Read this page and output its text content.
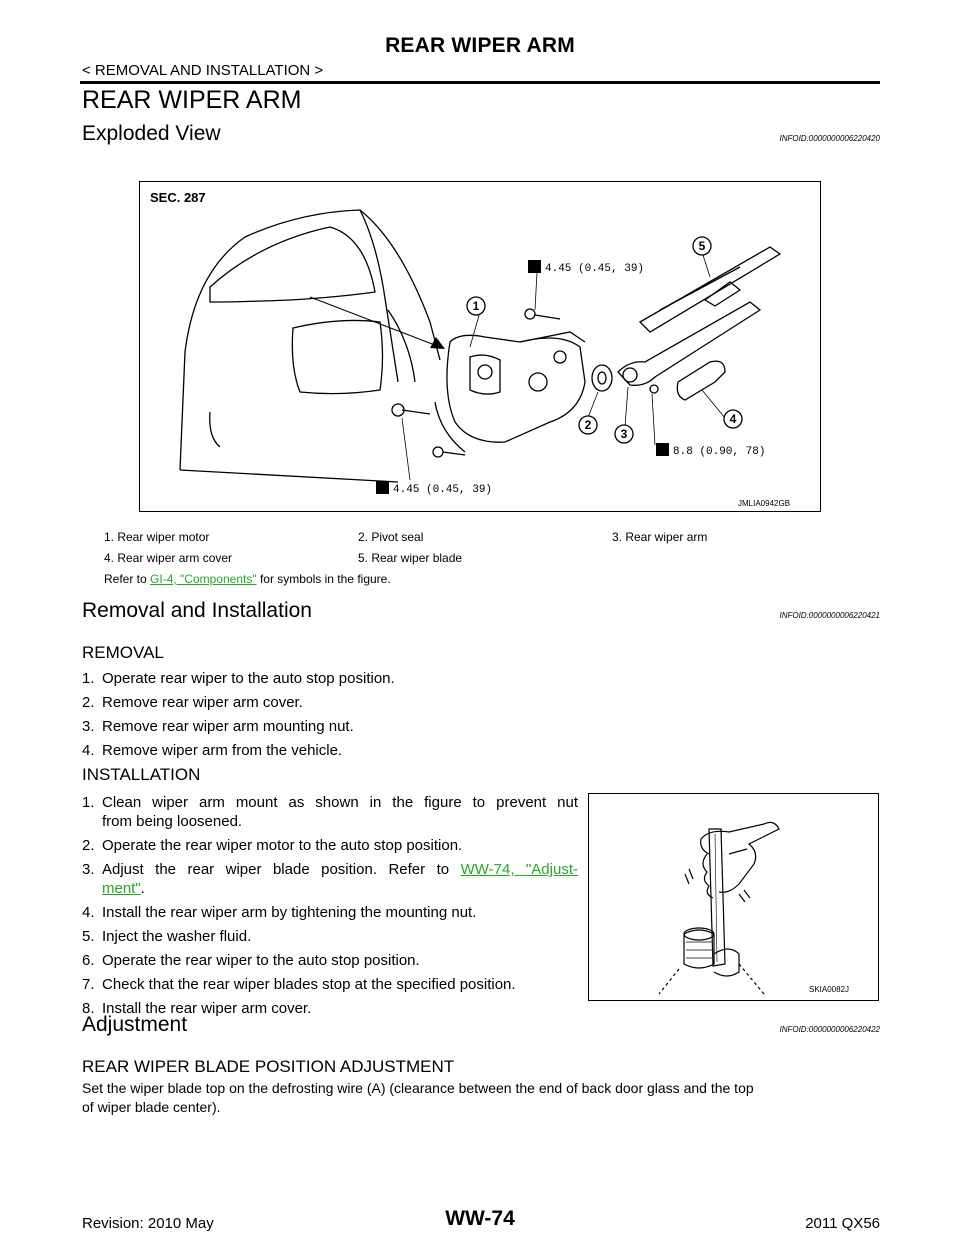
REAR WIPER ARM
< REMOVAL AND INSTALLATION >
REAR WIPER ARM
Exploded View	INFOID:0000000006220420
1
2
3
4
5
4.45 (0.45, 39)
8.8 (0.90, 78)
4.45 (0.45, 39)
SEC. 287
JMLIA0942GB
1. Rear wiper motor	2. Pivot seal	3. Rear wiper arm
4. Rear wiper arm cover	5. Rear wiper blade
Refer to GI-4, "Components" for symbols in the figure.
Removal and Installation	INFOID:0000000006220421
REMOVAL
1. Operate rear wiper to the auto stop position.
2. Remove rear wiper arm cover.
3. Remove rear wiper arm mounting nut.
4. Remove wiper arm from the vehicle.
INSTALLATION
1. Clean wiper arm mount as shown in the figure to prevent nut
from being loosened.
2. Operate the rear wiper motor to the auto stop position.
3. Adjust the rear wiper blade position. Refer to WW-74, "Adjust-
ment".
4. Install the rear wiper arm by tightening the mounting nut.
5. Inject the washer fluid.
6. Operate the rear wiper to the auto stop position.
7. Check that the rear wiper blades stop at the specified position.
8. Install the rear wiper arm cover.
SKIA0082J
Adjustment	INFOID:0000000006220422
REAR WIPER BLADE POSITION ADJUSTMENT
Set the wiper blade top on the defrosting wire (A) (clearance between the end of back door glass and the top
of wiper blade center).
Revision: 2010 May	WW-74	2011 QX56
